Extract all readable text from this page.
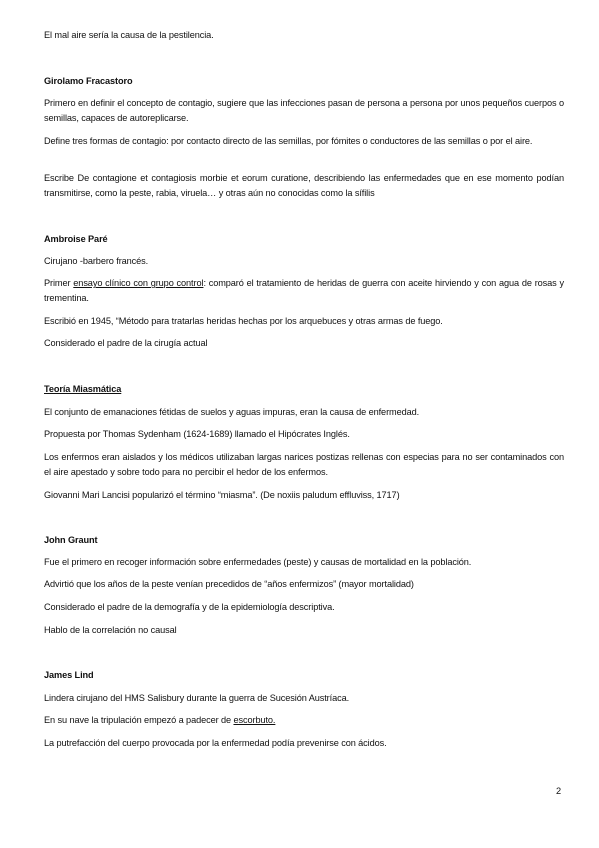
El mal aire sería la causa de la pestilencia.

Girolamo Fracastoro

Primero en definir el concepto de contagio, sugiere que las infecciones pasan de persona a persona por unos pequeños cuerpos o semillas, capaces de autoreplicarse.

Define tres formas de contagio: por contacto directo de las semillas, por fómites o conductores de las semillas o por el aire.

Escribe De contagione et contagiosis morbie et eorum curatione, describiendo las enfermedades que en ese momento podían transmitirse, como la peste, rabia, viruela… y otras aún no conocidas como la sífilis

Ambroise Paré

Cirujano -barbero francés.

Primer ensayo clínico con grupo control: comparó el tratamiento de heridas de guerra con aceite hirviendo y con agua de rosas y trementina.

Escribió en 1945, “Método para tratarlas heridas hechas por los arquebuces y otras armas de fuego.

Considerado el padre de la cirugía actual

Teoría Miasmática

El conjunto de emanaciones fétidas de suelos y aguas impuras, eran la causa de enfermedad.

Propuesta por Thomas Sydenham (1624-1689) llamado el Hipócrates Inglés.

Los enfermos eran aislados y los médicos utilizaban largas narices postizas rellenas con especias para no ser contaminados con el aire apestado y sobre todo para no percibir el hedor de los enfermos.

Giovanni Mari Lancisi popularizó el término “miasma”. (De noxiis paludum effluviss, 1717)

John Graunt

Fue el primero en recoger información sobre enfermedades (peste) y causas de mortalidad en la población.

Advirtió que los años de la peste venían precedidos de “años enfermizos” (mayor mortalidad)

Considerado el padre de la demografía y de la epidemiología descriptiva.

Hablo de la correlación no causal

James Lind

Lindera cirujano del HMS Salisbury durante la guerra de Sucesión Austríaca.

En su nave la tripulación empezó a padecer de escorbuto.

La putrefacción del cuerpo provocada por la enfermedad podía prevenirse con ácidos.

2
